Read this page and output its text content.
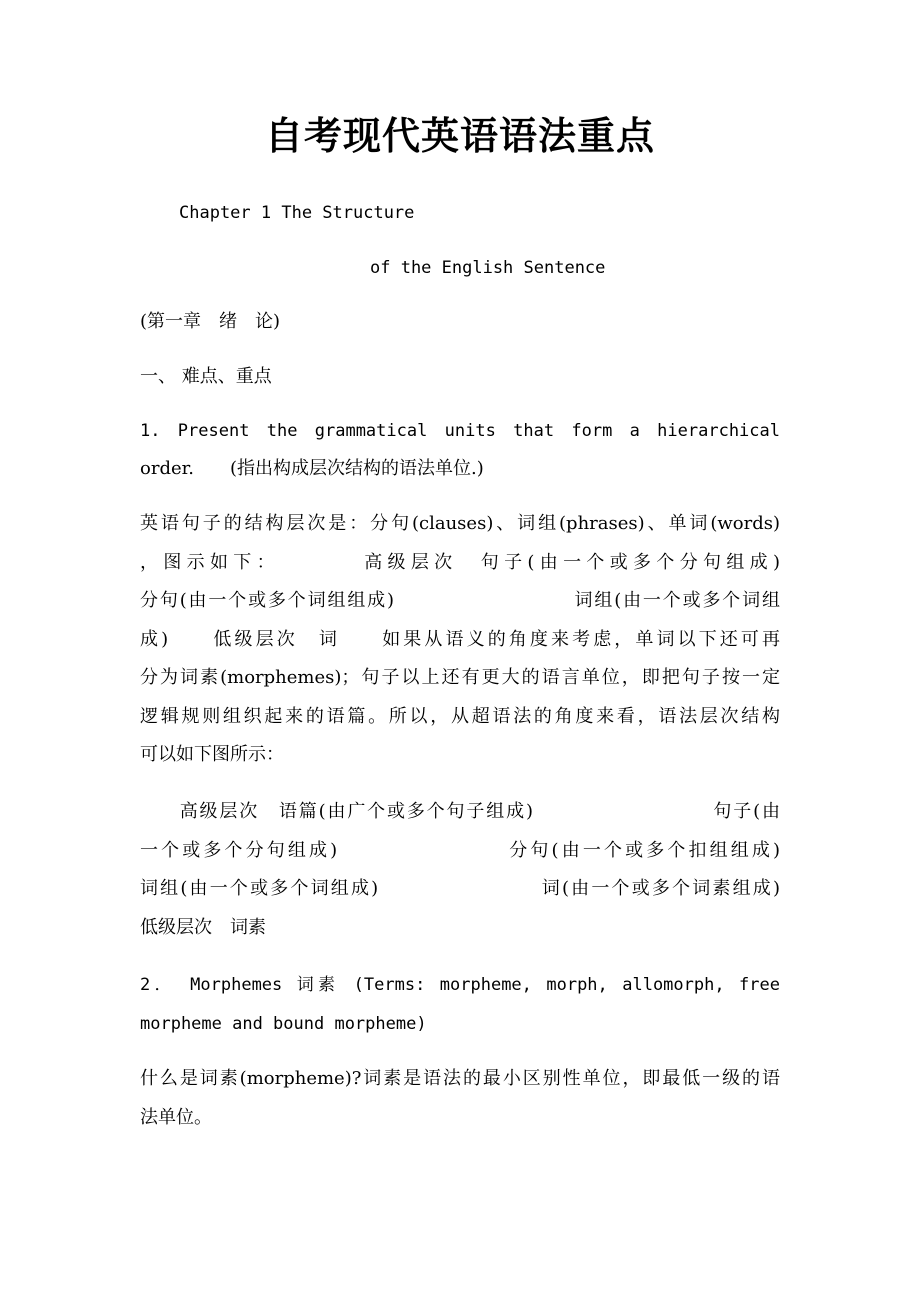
自考现代英语语法重点
Chapter 1 The Structure
of the English Sentence
(第一章　绪　论)
一、 难点、重点
1. Present the grammatical units that form a hierarchical
order.　　(指出构成层次结构的语法单位.)
英语句子的结构层次是：分句(clauses)、词组(phrases)、单词(words)
，图示如下：　　　　高级层次　句子(由一个或多个分句组成)
分句(由一个或多个词组组成)　　　　　　　　　词组(由一个或多个词组
成)　　低级层次　词　　如果从语义的角度来考虑，单词以下还可再
分为词素(morphemes)；句子以上还有更大的语言单位，即把句子按一定
逻辑规则组织起来的语篇。所以，从超语法的角度来看，语法层次结构
可以如下图所示：
　　高级层次　语篇(由广个或多个句子组成)　　　　　　　　　句子(由
一个或多个分句组成)　　　　　　　　分句(由一个或多个扣组组成)
词组(由一个或多个词组成)　　　　　　　　词(由一个或多个词素组成)
低级层次　词素
2． Morphemes 词素 (Terms: morpheme, morph, allomorph, free
morpheme and bound morpheme)
什么是词素(morpheme)?词素是语法的最小区别性单位，即最低一级的语
法单位。
